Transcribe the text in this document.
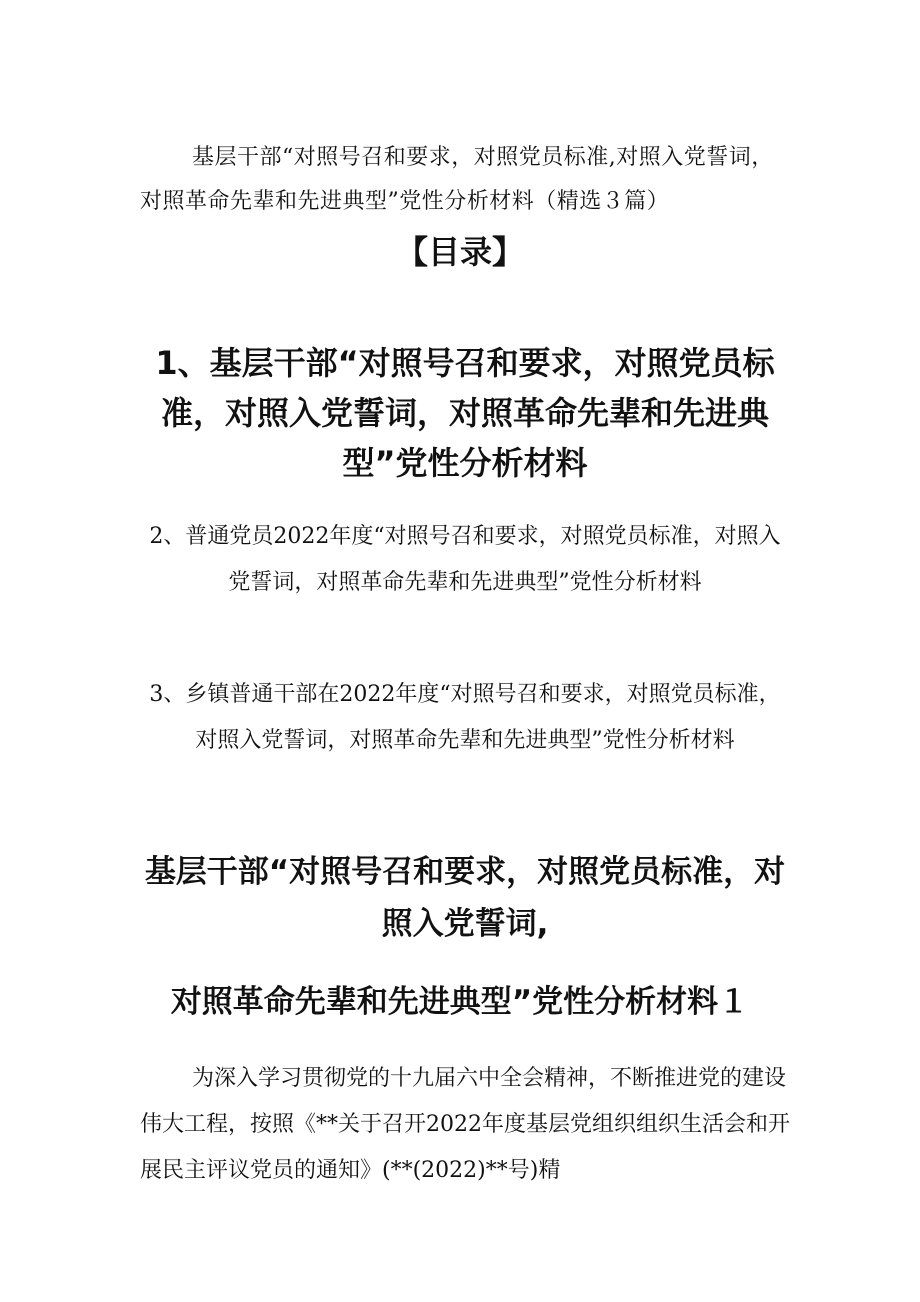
基层干部“对照号召和要求，对照党员标准,对照入党誓词，对照革命先辈和先进典型”党性分析材料（精选３篇）

【目录】

1、基层干部“对照号召和要求，对照党员标准，对照入党誓词，对照革命先辈和先进典型”党性分析材料

2、普通党员2022年度“对照号召和要求，对照党员标准，对照入党誓词，对照革命先辈和先进典型”党性分析材料

3、乡镇普通干部在2022年度“对照号召和要求，对照党员标准，对照入党誓词，对照革命先辈和先进典型”党性分析材料

基层干部“对照号召和要求，对照党员标准，对照入党誓词,

对照革命先辈和先进典型”党性分析材料１

为深入学习贯彻党的十九届六中全会精神，不断推进党的建设伟大工程，按照《**关于召开2022年度基层党组织组织生活会和开展民主评议党员的通知》(**(2022)**号)精
